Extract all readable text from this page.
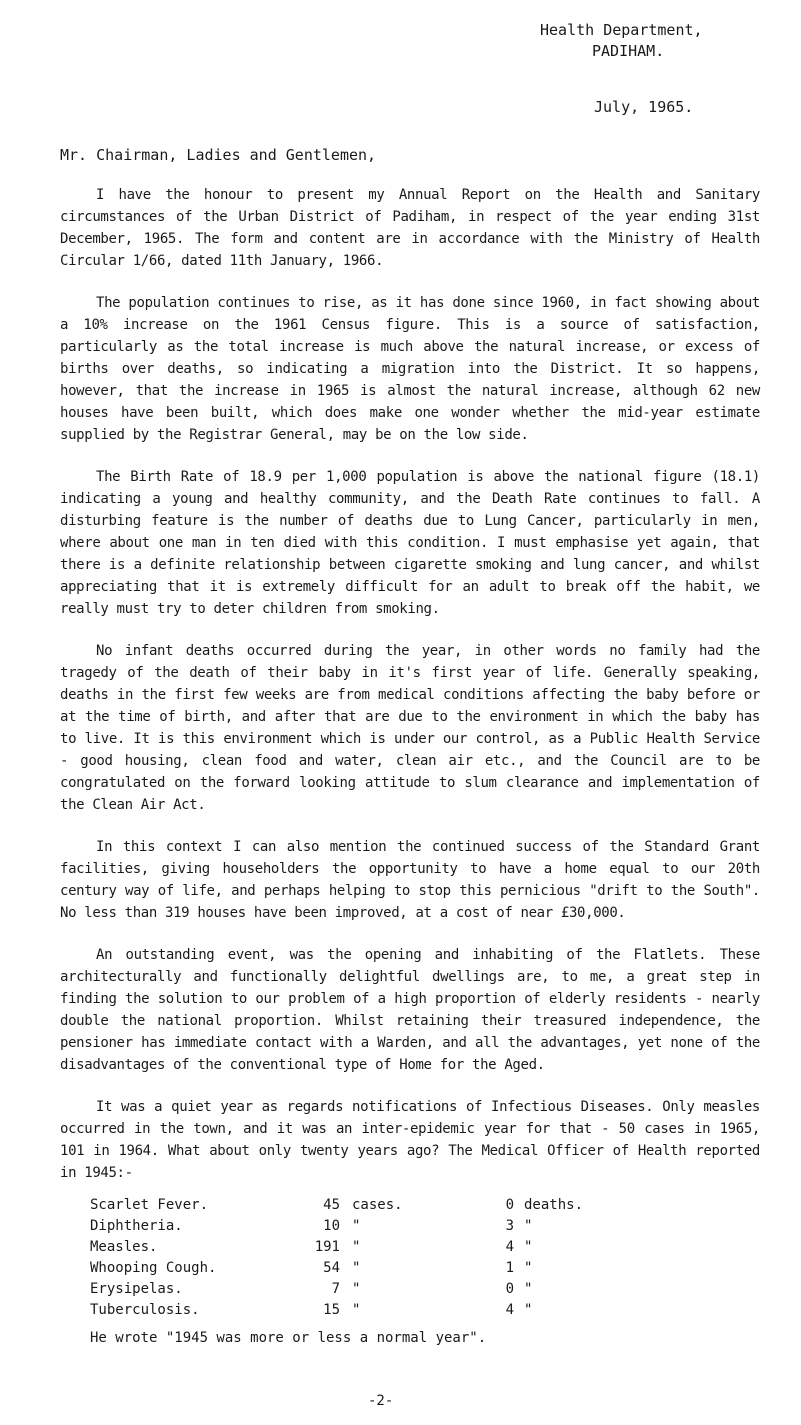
Health Department,
PADIHAM.
July, 1965.
Mr. Chairman, Ladies and Gentlemen,

I have the honour to present my Annual Report on the Health and Sanitary circumstances of the Urban District of Padiham, in respect of the year ending 31st December, 1965. The form and content are in accordance with the Ministry of Health Circular 1/66, dated 11th January, 1966.

The population continues to rise, as it has done since 1960, in fact showing about a 10% increase on the 1961 Census figure. This is a source of satisfaction, particularly as the total increase is much above the natural increase, or excess of births over deaths, so indicating a migration into the District. It so happens, however, that the increase in 1965 is almost the natural increase, although 62 new houses have been built, which does make one wonder whether the mid-year estimate supplied by the Registrar General, may be on the low side.

The Birth Rate of 18.9 per 1,000 population is above the national figure (18.1) indicating a young and healthy community, and the Death Rate continues to fall. A disturbing feature is the number of deaths due to Lung Cancer, particularly in men, where about one man in ten died with this condition. I must emphasise yet again, that there is a definite relationship between cigarette smoking and lung cancer, and whilst appreciating that it is extremely difficult for an adult to break off the habit, we really must try to deter children from smoking.

No infant deaths occurred during the year, in other words no family had the tragedy of the death of their baby in it's first year of life. Generally speaking, deaths in the first few weeks are from medical conditions affecting the baby before or at the time of birth, and after that are due to the environment in which the baby has to live. It is this environment which is under our control, as a Public Health Service - good housing, clean food and water, clean air etc., and the Council are to be congratulated on the forward looking attitude to slum clearance and implementation of the Clean Air Act.

In this context I can also mention the continued success of the Standard Grant facilities, giving householders the opportunity to have a home equal to our 20th century way of life, and perhaps helping to stop this pernicious "drift to the South". No less than 319 houses have been improved, at a cost of near £30,000.

An outstanding event, was the opening and inhabiting of the Flatlets. These architecturally and functionally delightful dwellings are, to me, a great step in finding the solution to our problem of a high proportion of elderly residents - nearly double the national proportion. Whilst retaining their treasured independence, the pensioner has immediate contact with a Warden, and all the advantages, yet none of the disadvantages of the conventional type of Home for the Aged.

It was a quiet year as regards notifications of Infectious Diseases. Only measles occurred in the town, and it was an inter-epidemic year for that - 50 cases in 1965, 101 in 1964. What about only twenty years ago? The Medical Officer of Health reported in 1945:-

Scarlet Fever.	45 cases.	0 deaths.
Diphtheria.	10 "	3 "
Measles.	191 "	4 "
Whooping Cough.	54 "	1 "
Erysipelas.	7 "	0 "
Tuberculosis.	15 "	4 "
He wrote "1945 was more or less a normal year".
-2-
